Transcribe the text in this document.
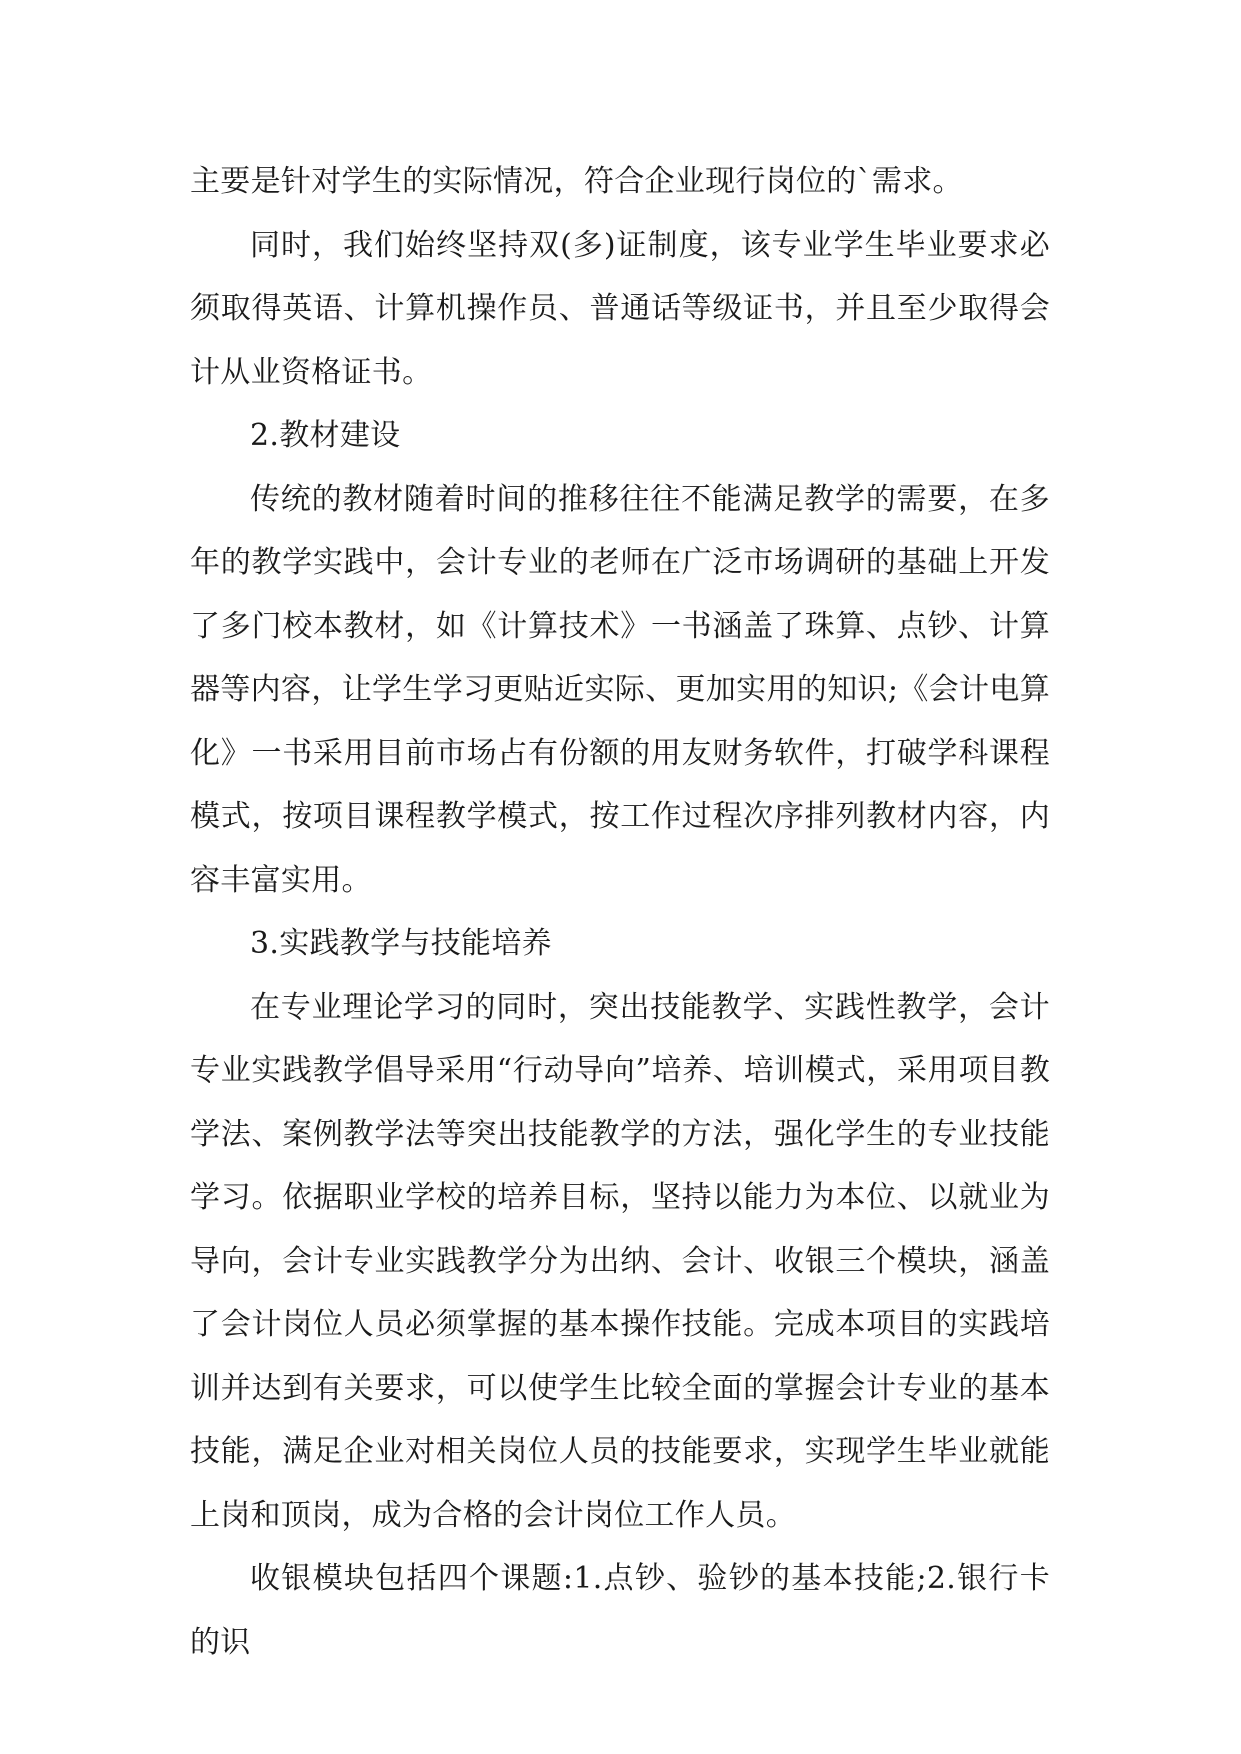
主要是针对学生的实际情况，符合企业现行岗位的`需求。

同时，我们始终坚持双(多)证制度，该专业学生毕业要求必须取得英语、计算机操作员、普通话等级证书，并且至少取得会计从业资格证书。

2.教材建设

传统的教材随着时间的推移往往不能满足教学的需要，在多年的教学实践中，会计专业的老师在广泛市场调研的基础上开发了多门校本教材，如《计算技术》一书涵盖了珠算、点钞、计算器等内容，让学生学习更贴近实际、更加实用的知识;《会计电算化》一书采用目前市场占有份额的用友财务软件，打破学科课程模式，按项目课程教学模式，按工作过程次序排列教材内容，内容丰富实用。

3.实践教学与技能培养

在专业理论学习的同时，突出技能教学、实践性教学，会计专业实践教学倡导采用“行动导向”培养、培训模式，采用项目教学法、案例教学法等突出技能教学的方法，强化学生的专业技能学习。依据职业学校的培养目标，坚持以能力为本位、以就业为导向，会计专业实践教学分为出纳、会计、收银三个模块，涵盖了会计岗位人员必须掌握的基本操作技能。完成本项目的实践培训并达到有关要求，可以使学生比较全面的掌握会计专业的基本技能，满足企业对相关岗位人员的技能要求，实现学生毕业就能上岗和顶岗，成为合格的会计岗位工作人员。

收银模块包括四个课题:1.点钞、验钞的基本技能;2.银行卡的识
